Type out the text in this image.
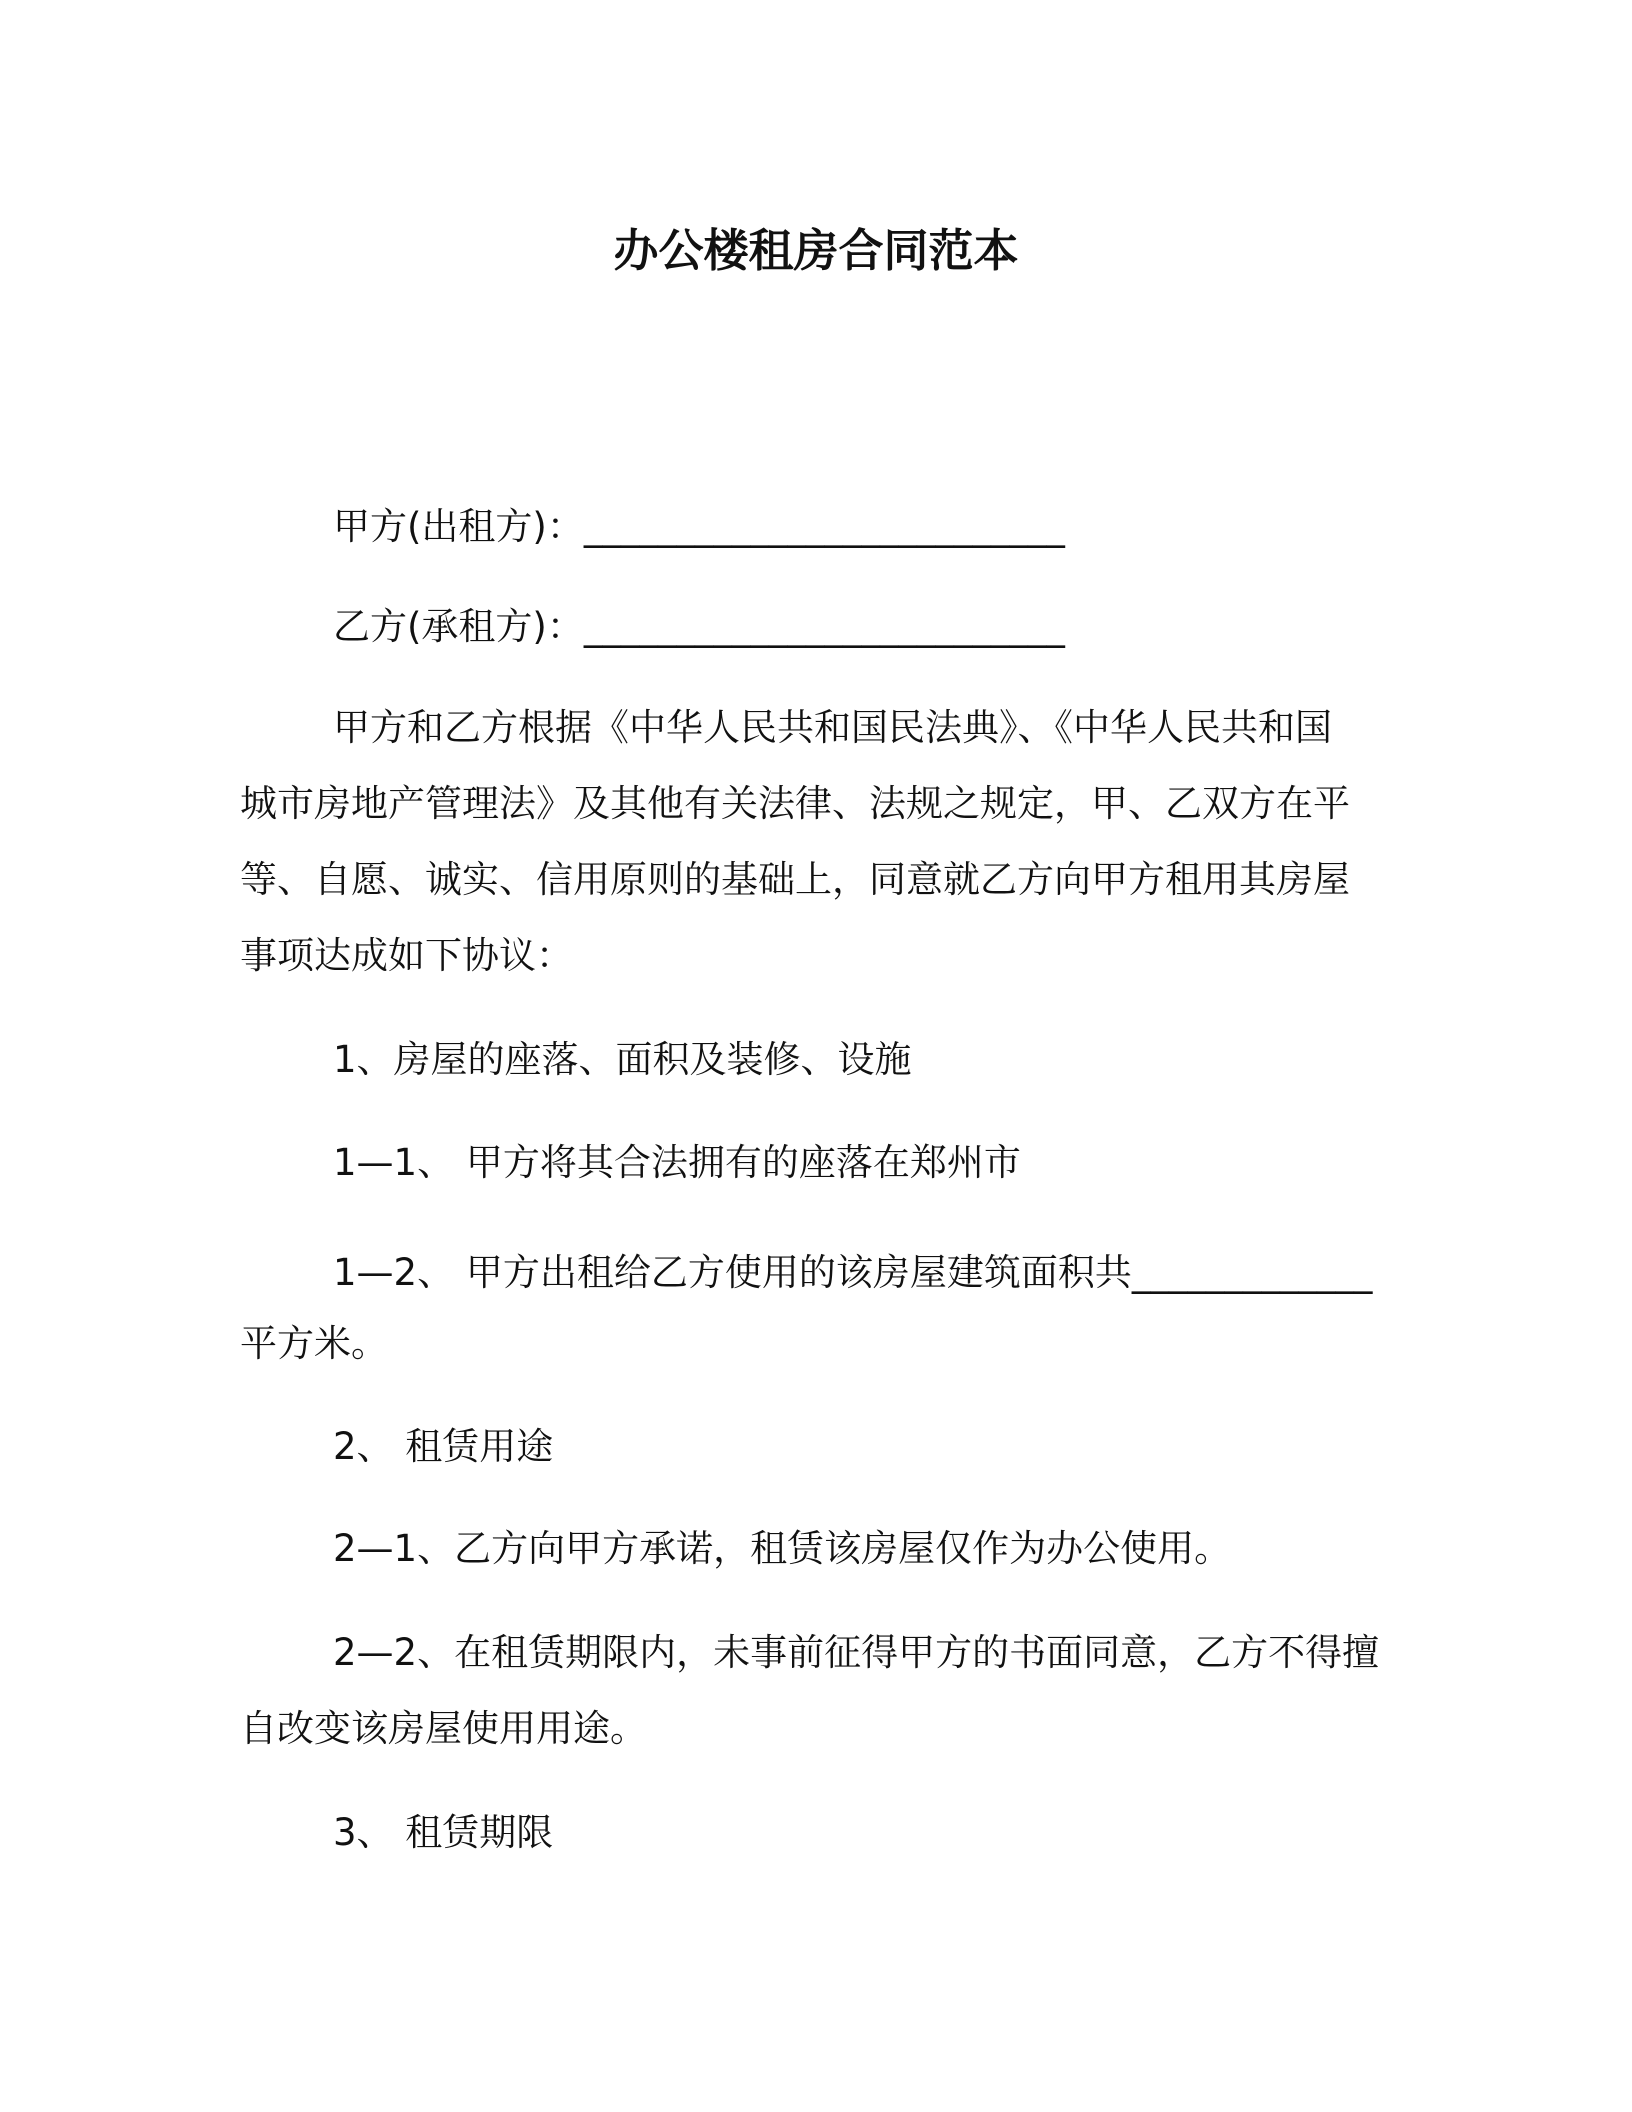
办公楼租房合同范本
甲方(出租方)：__________________________
乙方(承租方)：__________________________
甲方和乙方根据《中华人民共和国民法典》、《中华人民共和国
城市房地产管理法》及其他有关法律、法规之规定，甲、乙双方在平
等、自愿、诚实、信用原则的基础上，同意就乙方向甲方租用其房屋
事项达成如下协议：
1、房屋的座落、面积及装修、设施
1—1、 甲方将其合法拥有的座落在郑州市
1—2、 甲方出租给乙方使用的该房屋建筑面积共_____________
平方米。
2、 租赁用途
2—1、乙方向甲方承诺，租赁该房屋仅作为办公使用。
2—2、在租赁期限内，未事前征得甲方的书面同意，乙方不得擅
自改变该房屋使用用途。
3、 租赁期限
